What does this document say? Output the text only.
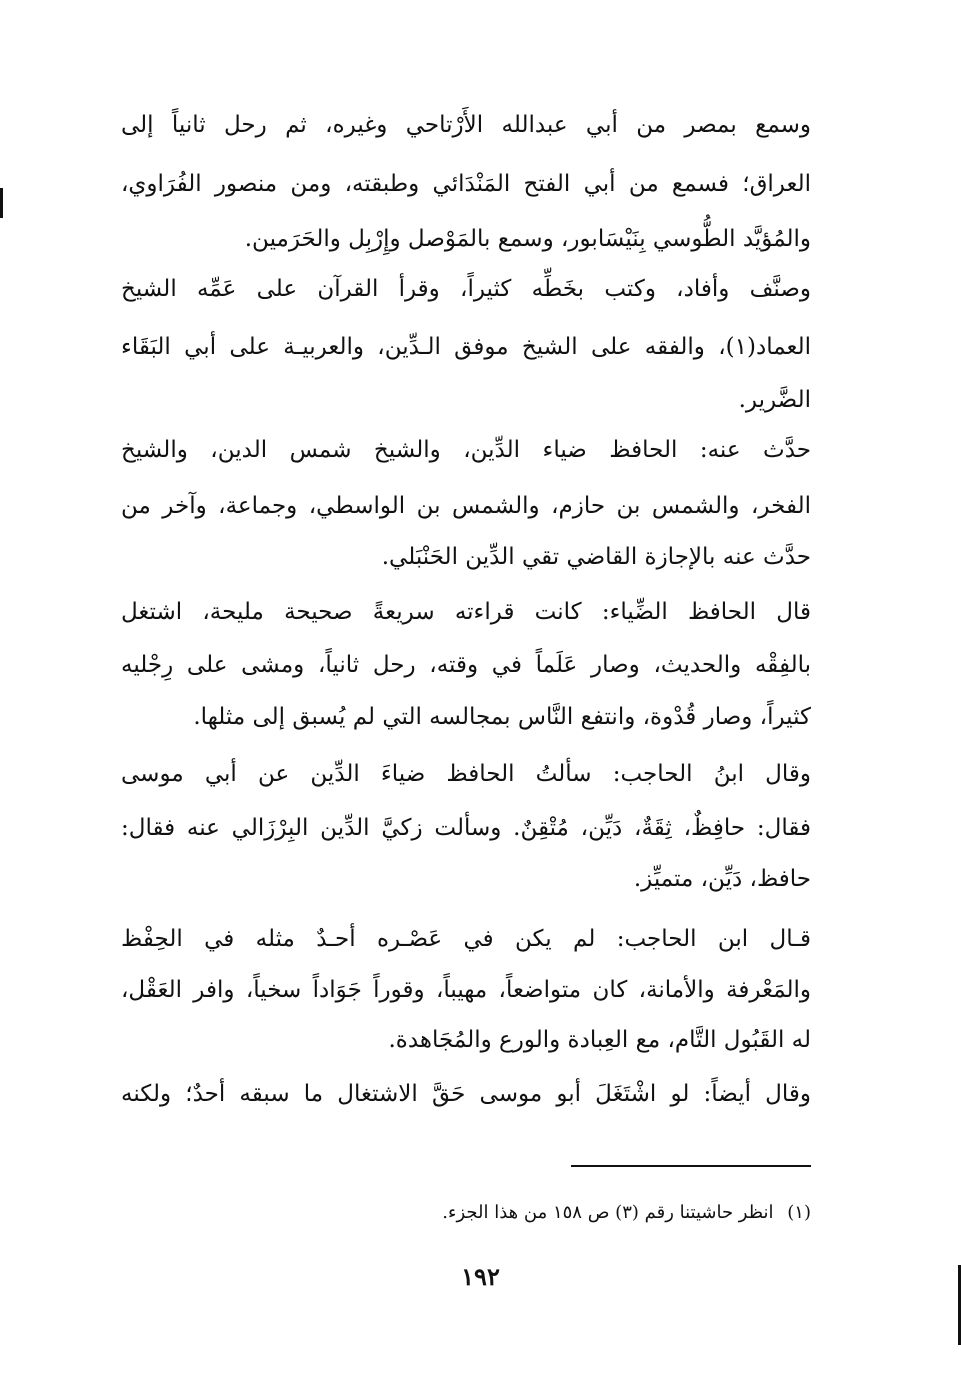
وسمع بمصر من أبي عبدالله الأَرْتاحي وغيره، ثم رحل ثانياً إلى
العراق؛ فسمع من أبي الفتح المَنْدَائي وطبقته، ومن منصور الفُرَاوي،
والمُؤيَّد الطُّوسي بِنَيْسَابور، وسمع بالمَوْصل وإِرْبِل والحَرَمين.
وصنَّف وأفاد، وكتب بخَطِّه كثيراً، وقرأ القرآن على عَمِّه الشيخ
العماد(١)، والفقه على الشيخ موفق الـدِّين، والعربيـة على أبي البَقَاء
الضَّرير.
حدَّث عنه: الحافظ ضياء الدِّين، والشيخ شمس الدين، والشيخ
الفخر، والشمس بن حازم، والشمس بن الواسطي، وجماعة، وآخر من
حدَّث عنه بالإجازة القاضي تقي الدِّين الحَنْبَلي.
قال الحافظ الضِّياء: كانت قراءته سريعةً صحيحة مليحة، اشتغل
بالفِقْه والحديث، وصار عَلَماً في وقته، رحل ثانياً، ومشى على رِجْليه
كثيراً، وصار قُدْوة، وانتفع النَّاس بمجالسه التي لم يُسبق إلى مثلها.
وقال ابنُ الحاجب: سألتُ الحافظ ضياءَ الدِّين عن أبي موسى
فقال: حافِظٌ، ثِقَةٌ، دَيِّن، مُتْقِنٌ. وسألت زكيَّ الدِّين البِرْزَالي عنه فقال:
حافظ، دَيِّن، متميِّز.
قـال ابن الحاجب: لم يكن في عَصْـره أحـدٌ مثله في الحِفْظ
والمَعْرفة والأمانة، كان متواضعاً، مهيباً، وقوراً جَوَاداً سخياً، وافر العَقْل،
له القَبُول التَّام، مع العِبادة والورع والمُجَاهدة.
وقال أيضاً: لو اشْتَغَلَ أبو موسى حَقَّ الاشتغال ما سبقه أحدٌ؛ ولكنه
(١) انظر حاشيتنا رقم (٣) ص ١٥٨ من هذا الجزء.
١٩٢
